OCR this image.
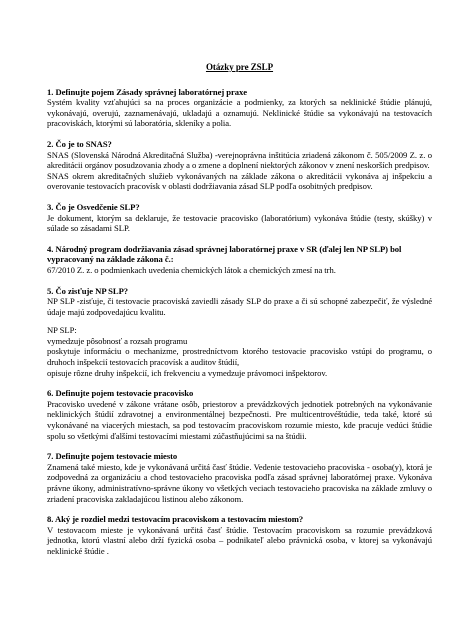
Otázky pre ZSLP

1. Definujte pojem Zásady správnej laboratórnej praxe

Systém kvality vzťahujúci sa na proces organizácie a podmienky, za ktorých sa neklinické štúdie plánujú, vykonávajú, overujú, zaznamenávajú, ukladajú a oznamujú. Neklinické štúdie sa vykonávajú na testovacích pracoviskách, ktorými sú laboratória, skleníky a polia.

2. Čo je to SNAS?

SNAS (Slovenská Národná Akreditačná Služba) -verejnoprávna inštitúcia zriadená zákonom č. 505/2009 Z. z. o akreditácii orgánov posudzovania zhody a o zmene a doplnení niektorých zákonov v znení neskorších predpisov.

SNAS okrem akreditačných služieb vykonávaných na základe zákona o akreditácii vykonáva aj inšpekciu a overovanie testovacích pracovísk v oblasti dodržiavania zásad SLP podľa osobitných predpisov.

3. Čo je Osvedčenie SLP?

Je dokument, ktorým sa deklaruje, že testovacie pracovisko (laboratórium) vykonáva štúdie (testy, skúšky) v súlade so zásadami SLP.

4. Národný program dodržiavania zásad správnej laboratórnej praxe v SR (ďalej len NP SLP) bol vypracovaný na základe zákona č.:

67/2010 Z. z. o podmienkach uvedenia chemických látok a chemických zmesí na trh.

5. Čo zisťuje NP SLP?

NP SLP -zisťuje, či testovacie pracoviská zaviedli zásady SLP do praxe a či sú schopné zabezpečiť, že výsledné údaje majú zodpovedajúcu kvalitu.

NP SLP:
vymedzuje pôsobnosť a rozsah programu
poskytuje informáciu o mechanizme, prostredníctvom ktorého testovacie pracovisko vstúpi do programu, o druhoch inšpekcií testovacích pracovísk a auditov štúdií,
opisuje rôzne druhy inšpekcií, ich frekvenciu a vymedzuje právomoci inšpektorov.

6. Definujte pojem testovacie pracovisko

Pracovisko uvedené v zákone vrátane osôb, priestorov a prevádzkových jednotiek potrebných na vykonávanie neklinických štúdií zdravotnej a environmentálnej bezpečnosti. Pre multicentrovéštúdie, teda také, ktoré sú vykonávané na viacerých miestach, sa pod testovacím pracoviskom rozumie miesto, kde pracuje vedúci štúdie spolu so všetkými ďalšími testovacími miestami zúčastňujúcimi sa na štúdii.

7. Definujte pojem testovacie miesto

Znamená také miesto, kde je vykonávaná určitá časť štúdie. Vedenie testovacieho pracoviska - osoba(y), ktorá je zodpovedná za organizáciu a chod testovacieho pracoviska podľa zásad správnej laboratórnej praxe. Vykonáva právne úkony, administratívno-správne úkony vo všetkých veciach testovacieho pracoviska na základe zmluvy o zriadení pracoviska zakladajúcou listinou alebo zákonom.

8. Aký je rozdiel medzi testovacím pracoviskom a testovacím miestom?

V testovacom mieste je vykonávaná určitá časť štúdie. Testovacím pracoviskom sa rozumie prevádzková jednotka, ktorú vlastní alebo drží fyzická osoba – podnikateľ alebo právnická osoba, v ktorej sa vykonávajú neklinické štúdie .
